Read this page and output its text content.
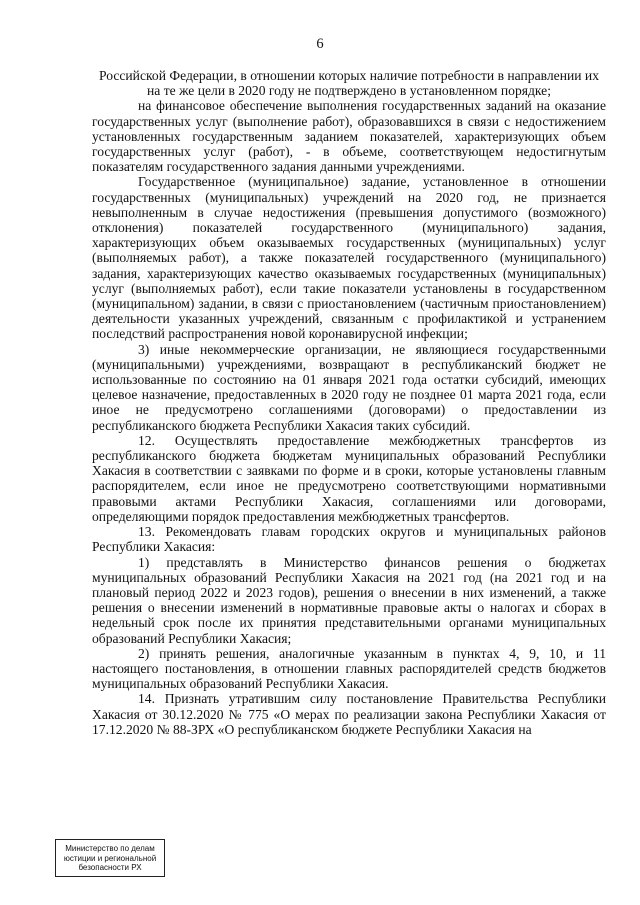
6

Российской Федерации, в отношении которых наличие потребности в направлении их на те же цели в 2020 году не подтверждено в установленном порядке;

на финансовое обеспечение выполнения государственных заданий на оказание государственных услуг (выполнение работ), образовавшихся в связи с недостижением установленных государственным заданием показателей, характеризующих объем государственных услуг (работ), - в объеме, соответствующем недостигнутым показателям государственного задания данными учреждениями.

Государственное (муниципальное) задание, установленное в отношении государственных (муниципальных) учреждений на 2020 год, не признается невыполненным в случае недостижения (превышения допустимого (возможного) отклонения) показателей государственного (муниципального) задания, характеризующих объем оказываемых государственных (муниципальных) услуг (выполняемых работ), а также показателей государственного (муниципального) задания, характеризующих качество оказываемых государственных (муниципальных) услуг (выполняемых работ), если такие показатели установлены в государственном (муниципальном) задании, в связи с приостановлением (частичным приостановлением) деятельности указанных учреждений, связанным с профилактикой и устранением последствий распространения новой коронавирусной инфекции;

3) иные некоммерческие организации, не являющиеся государственными (муниципальными) учреждениями, возвращают в республиканский бюджет не использованные по состоянию на 01 января 2021 года остатки субсидий, имеющих целевое назначение, предоставленных в 2020 году не позднее 01 марта 2021 года, если иное не предусмотрено соглашениями (договорами) о предоставлении из республиканского бюджета Республики Хакасия таких субсидий.

12. Осуществлять предоставление межбюджетных трансфертов из республиканского бюджета бюджетам муниципальных образований Республики Хакасия в соответствии с заявками по форме и в сроки, которые установлены главным распорядителем, если иное не предусмотрено соответствующими нормативными правовыми актами Республики Хакасия, соглашениями или договорами, определяющими порядок предоставления межбюджетных трансфертов.

13. Рекомендовать главам городских округов и муниципальных районов Республики Хакасия:

1) представлять в Министерство финансов решения о бюджетах муниципальных образований Республики Хакасия на 2021 год (на 2021 год и на плановый период 2022 и 2023 годов), решения о внесении в них изменений, а также решения о внесении изменений в нормативные правовые акты о налогах и сборах в недельный срок после их принятия представительными органами муниципальных образований Республики Хакасия;

2) принять решения, аналогичные указанным в пунктах 4, 9, 10, и 11 настоящего постановления, в отношении главных распорядителей средств бюджетов муниципальных образований Республики Хакасия.

14. Признать утратившим силу постановление Правительства Республики Хакасия от 30.12.2020 № 775 «О мерах по реализации закона Республики Хакасия от 17.12.2020 № 88-ЗРХ «О республиканском бюджете Республики Хакасия на

Министерство по делам
юстиции и региональной
безопасности РХ
